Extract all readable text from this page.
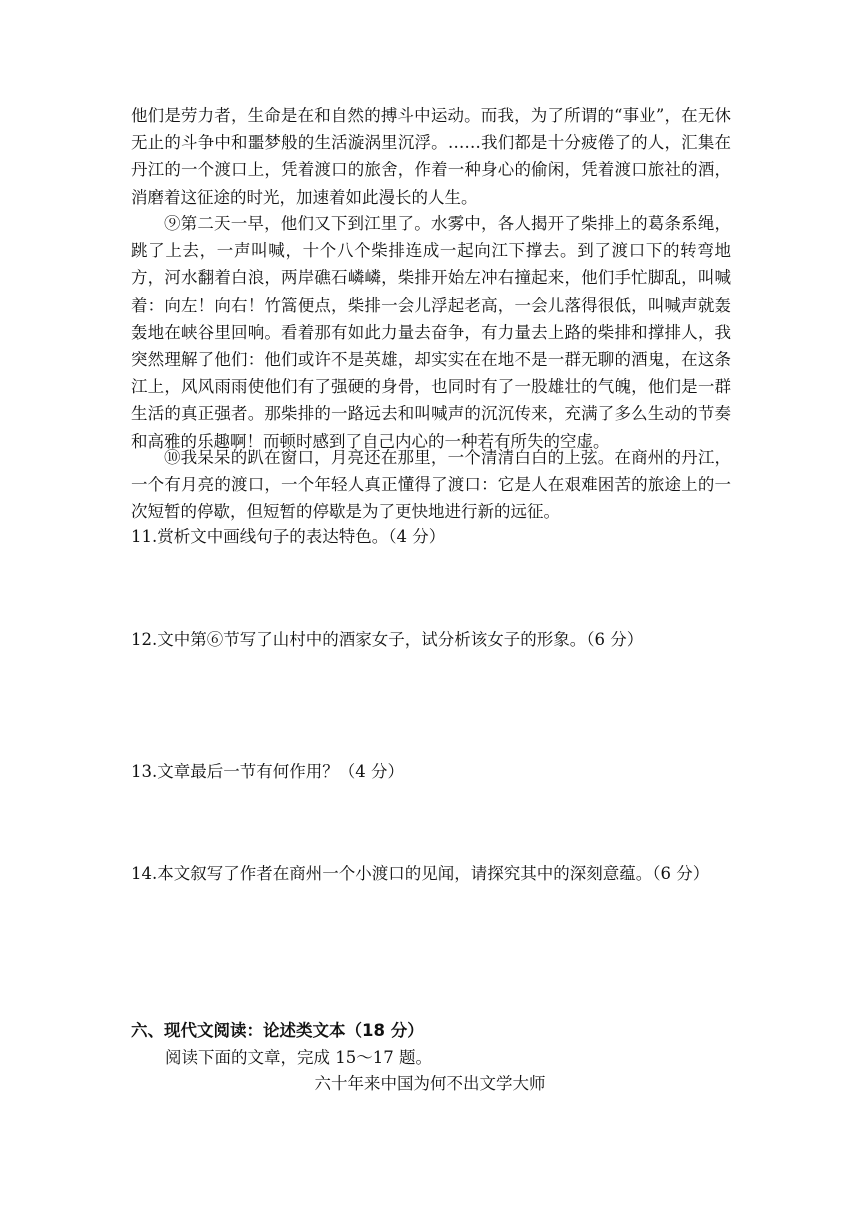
他们是劳力者，生命是在和自然的搏斗中运动。而我，为了所谓的“事业”，在无休无止的斗争中和噩梦般的生活漩涡里沉浮。……我们都是十分疲倦了的人，汇集在丹江的一个渡口上，凭着渡口的旅舍，作着一种身心的偷闲，凭着渡口旅社的酒，消磨着这征途的时光，加速着如此漫长的人生。

⑨第二天一早，他们又下到江里了。水雾中，各人揭开了柴排上的葛条系绳，跳了上去，一声叫喊，十个八个柴排连成一起向江下撑去。到了渡口下的转弯地方，河水翻着白浪，两岸礁石嶙嶙，柴排开始左冲右撞起来，他们手忙脚乱，叫喊着：向左！向右！竹篙便点，柴排一会儿浮起老高，一会儿落得很低，叫喊声就轰轰地在峡谷里回响。看着那有如此力量去奋争，有力量去上路的柴排和撑排人，我突然理解了他们：他们或许不是英雄，却实实在在地不是一群无聊的酒鬼，在这条江上，风风雨雨使他们有了强硬的身骨，也同时有了一股雄壮的气魄，他们是一群生活的真正强者。那柴排的一路远去和叫喊声的沉沉传来，充满了多么生动的节奏和高雅的乐趣啊！而顿时感到了自己内心的一种若有所失的空虚。

⑩我呆呆的趴在窗口，月亮还在那里，一个清清白白的上弦。在商州的丹江，一个有月亮的渡口，一个年轻人真正懂得了渡口：它是人在艰难困苦的旅途上的一次短暂的停歇，但短暂的停歇是为了更快地进行新的远征。

11.赏析文中画线句子的表达特色。（4 分）

12.文中第⑥节写了山村中的酒家女子，试分析该女子的形象。（6 分）

13.文章最后一节有何作用？（4 分）

14.本文叙写了作者在商州一个小渡口的见闻，请探究其中的深刻意蕴。（6 分）

六、现代文阅读：论述类文本（18 分）

阅读下面的文章，完成 15～17 题。

六十年来中国为何不出文学大师
